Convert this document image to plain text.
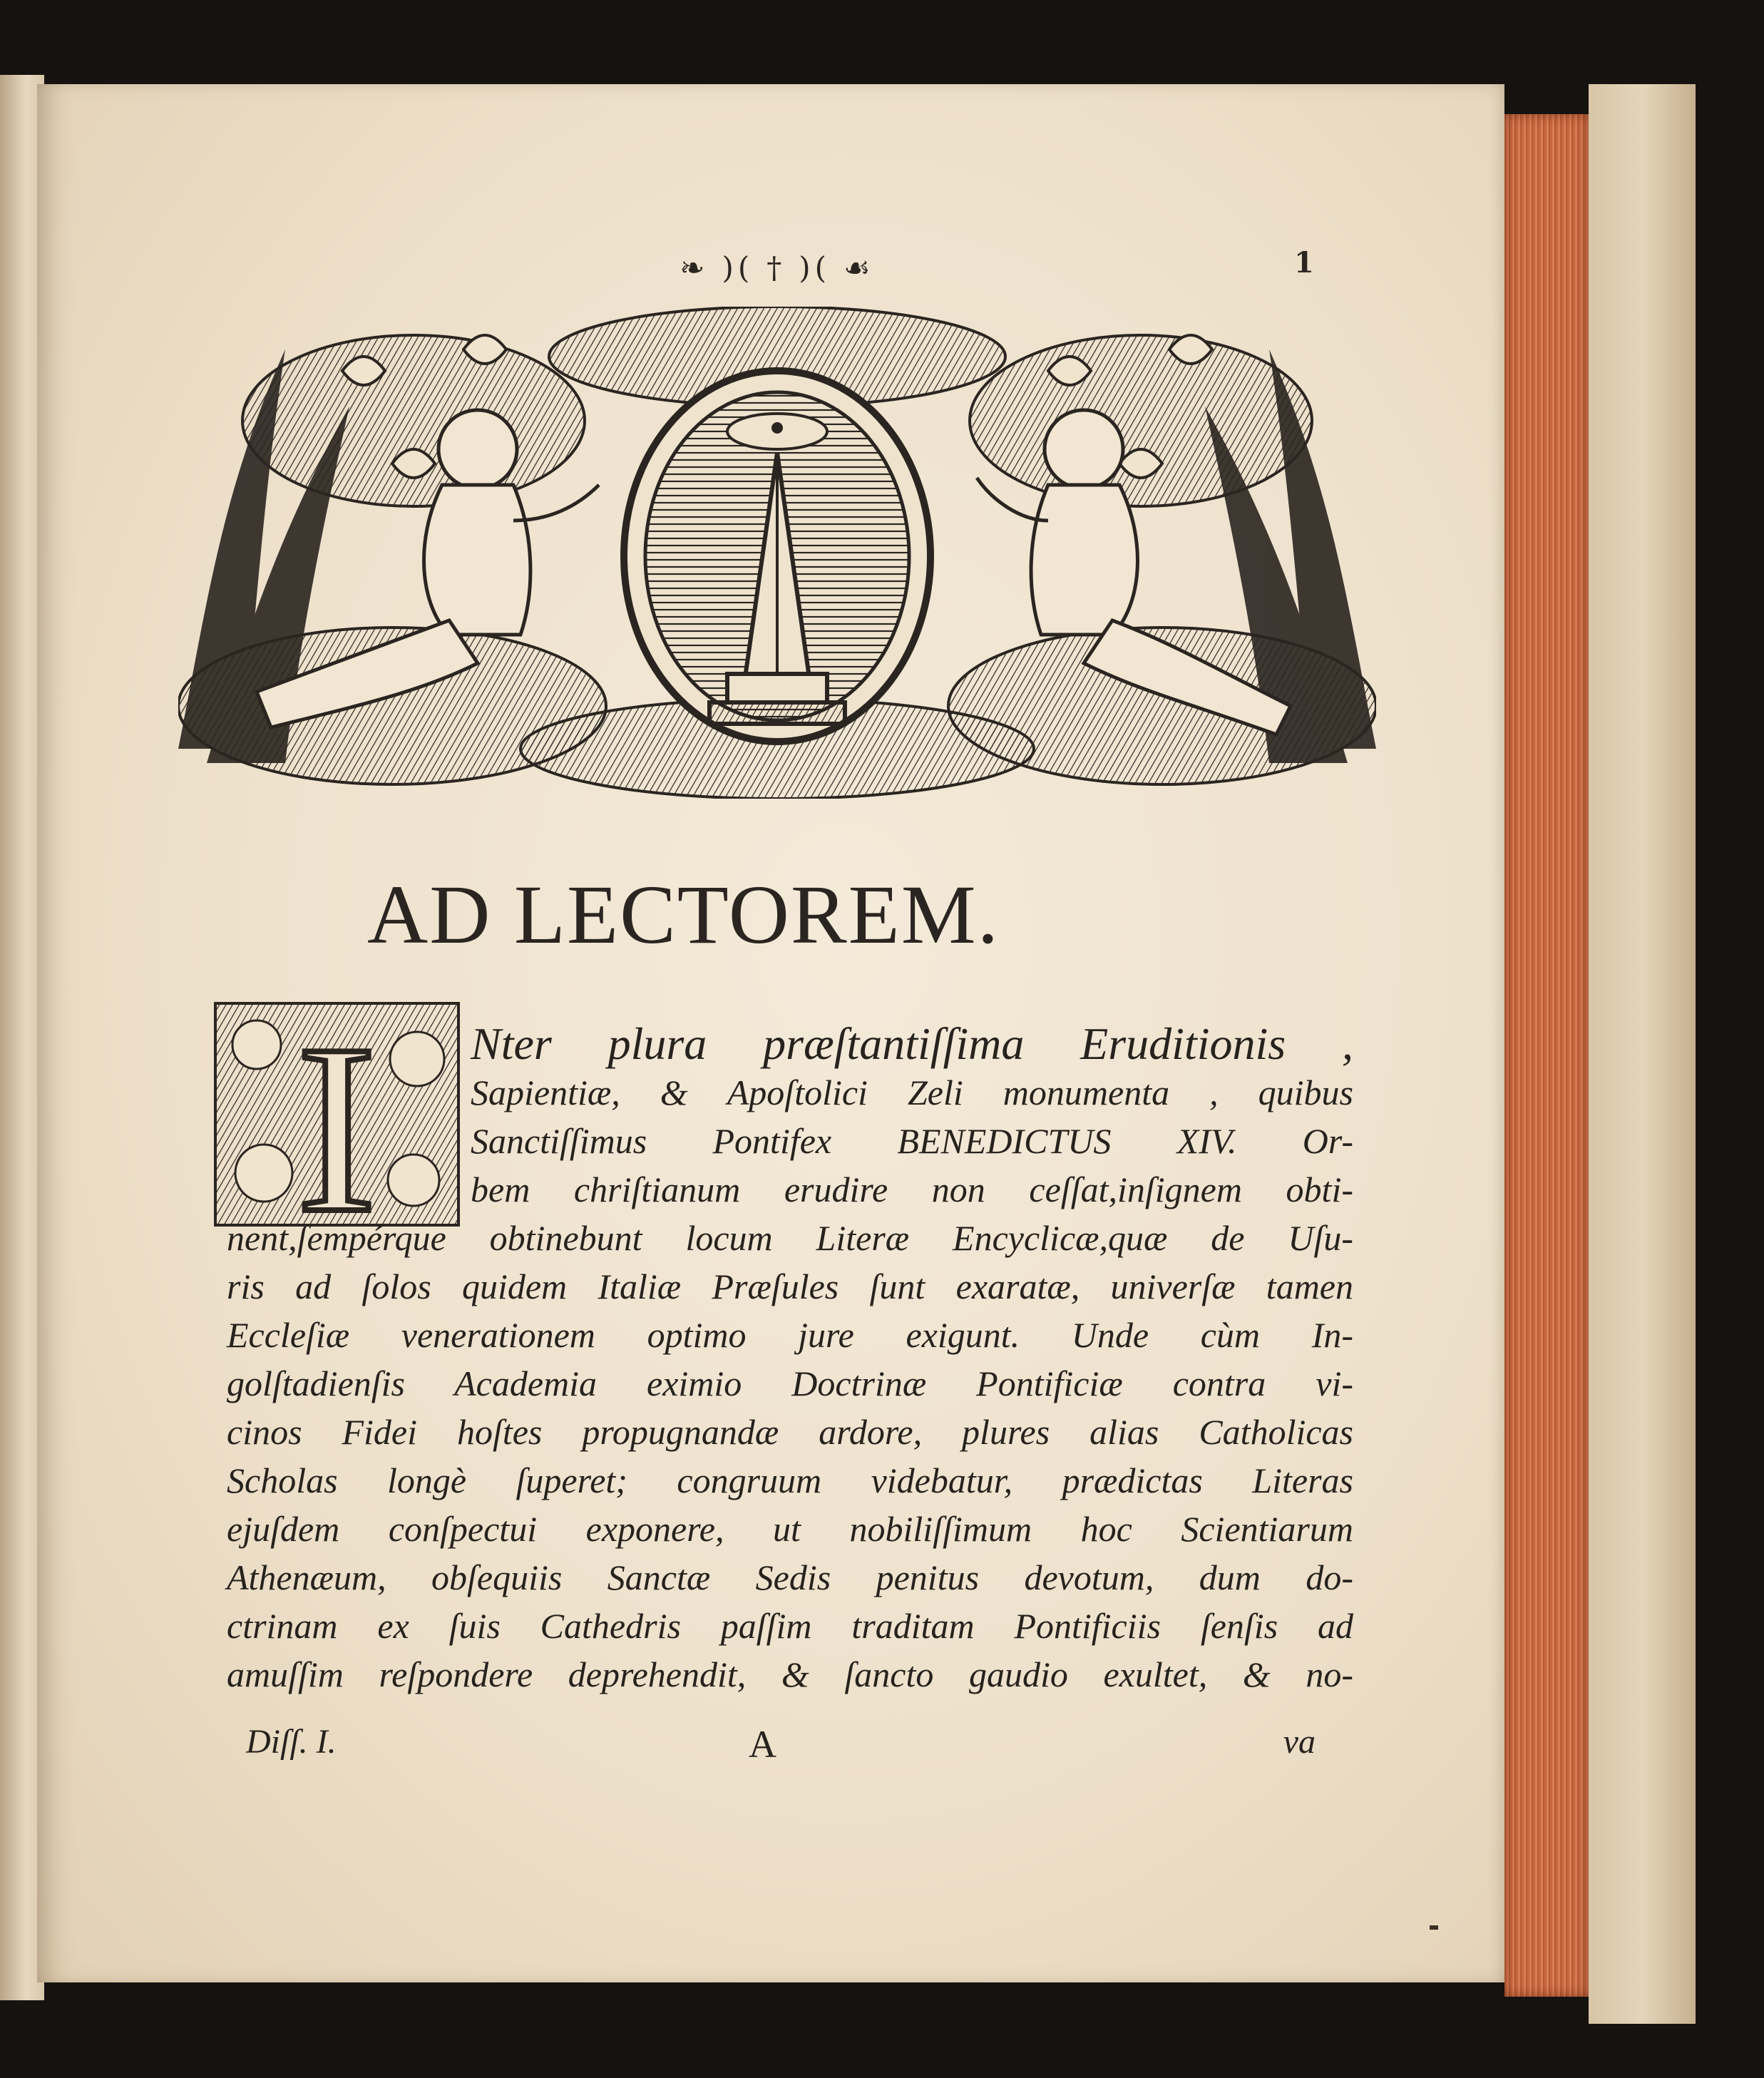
❧ )( † )( ☙	1
AD LECTOREM.
I	Nter plura præſtantiſſima Eruditionis ,
Sapientiæ, & Apoſtolici Zeli monumenta , quibus
Sanctiſſimus Pontifex BENEDICTUS XIV. Or-
bem chriſtianum erudire non ceſſat,inſignem obti-
nent,ſempérque obtinebunt locum Literæ Encyclicæ,quæ de Uſu-
ris ad ſolos quidem Italiæ Præſules ſunt exaratæ, univerſæ tamen
Eccleſiæ venerationem optimo jure exigunt. Unde cùm In-
golſtadienſis Academia eximio Doctrinæ Pontificiæ contra vi-
cinos Fidei hoſtes propugnandæ ardore, plures alias Catholicas
Scholas longè ſuperet; congruum videbatur, prædictas Literas
ejuſdem conſpectui exponere, ut nobiliſſimum hoc Scientiarum
Athenæum, obſequiis Sanctæ Sedis penitus devotum, dum do-
ctrinam ex ſuis Cathedris paſſim traditam Pontificiis ſenſis ad
amuſſim reſpondere deprehendit, & ſancto gaudio exultet, & no-
Diſſ. I.	A	va
